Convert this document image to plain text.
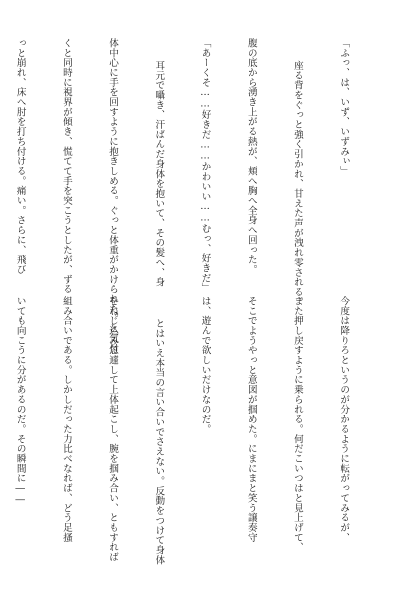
「ふっ、は、いず、いずみぃ」

座る背をぐっと強く引かれ、甘えた声が洩れ零される。

腹の底から湧き上がる熱が、頬へ胸へ全身へ回った。

「あーくそ……好きだ……かわいい……むっ、好きだ」

耳元で囁き、汗ばんだ身体を抱いて、その髪へ、身

体中心に手を回すように抱きしめる。ぐっと体重がかけられた。と気付

くと同時に視界が傾き、慌てて手を突こうとしたが、ずる

っと崩れ、床へ肘を打ち付ける。痛い。さらに、飛び

今度は降りろというのが分かるように転がってみるが、

また押し戻すように乗られる。何だこいつはと見上げて、

そこでようやっと意図が掴めた。にまにまと笑う譲奏守

は、遊んで欲しいだけなのだ。

とはいえ本当の言い合いでさえない。反動をつけて身体

をねじ込み急遽して上体起こし、腕を掴み合い、ともすれば

組み合いである。しかしだった力比べなれば、どう足搔

いても向こうに分があるのだ。その瞬間に――
